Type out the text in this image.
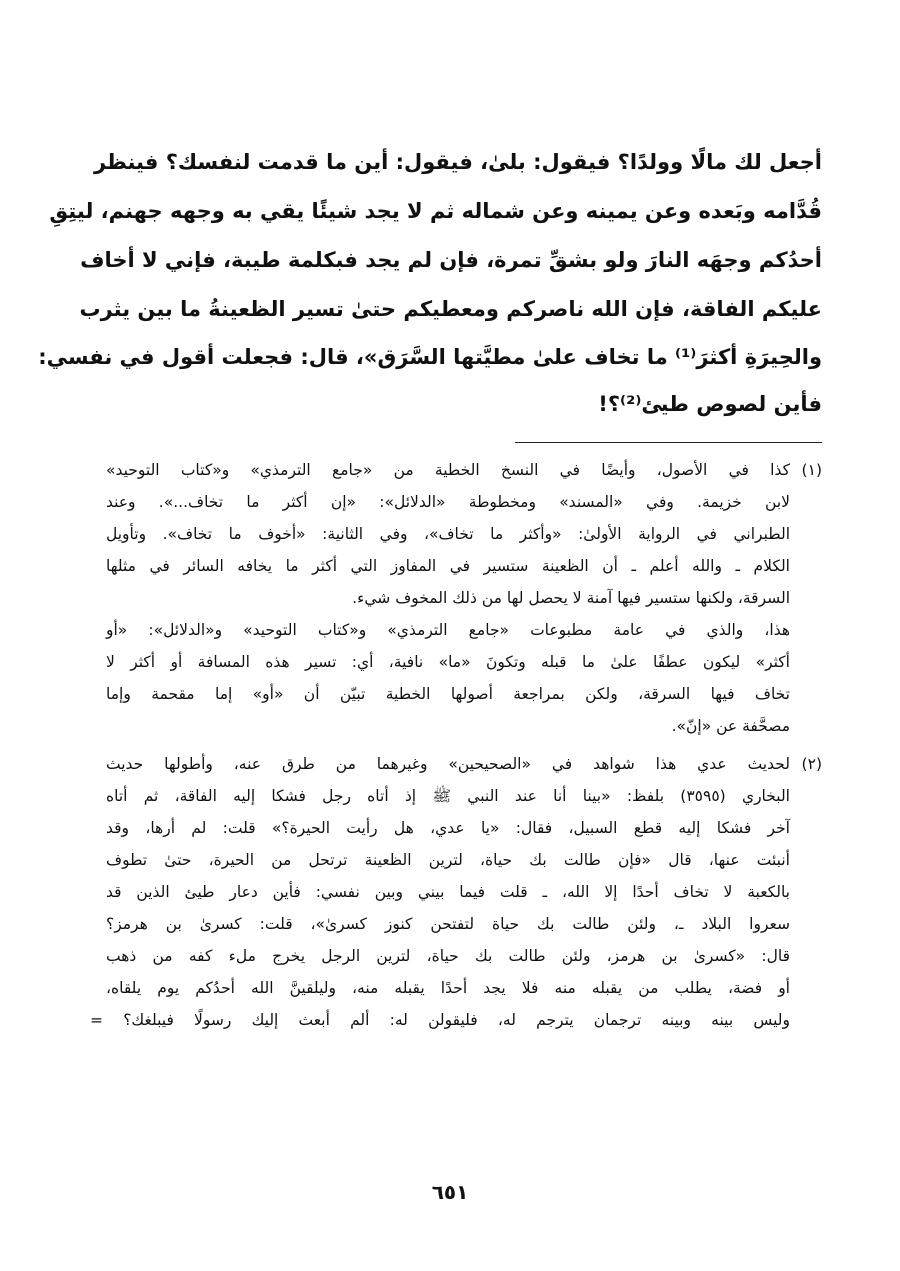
أجعل لك مالًا وولدًا؟ فيقول: بلىٰ، فيقول: أين ما قدمت لنفسك؟ فينظر
قُدَّامه وبَعده وعن يمينه وعن شماله ثم لا يجد شيئًا يقي به وجهه جهنم، ليتِقِ
أحدُكم وجهَه النارَ ولو بشقِّ تمرة، فإن لم يجد فبكلمة طيبة، فإني لا أخاف
عليكم الفاقة، فإن الله ناصركم ومعطيكم حتىٰ تسير الظعينةُ ما بين يثرب
والحِيرَةِ أكثرَ⁽¹⁾ ما تخاف علىٰ مطيَّتها السَّرَق»، قال: فجعلت أقول في نفسي:
فأين لصوص طيئ⁽²⁾؟!
(١)
كذا في الأصول، وأيضًا في النسخ الخطية من «جامع الترمذي» و«كتاب التوحيد»
لابن خزيمة. وفي «المسند» ومخطوطة «الدلائل»: «إن أكثر ما تخاف...». وعند
الطبراني في الرواية الأولىٰ: «وأكثر ما تخاف»، وفي الثانية: «أخوف ما تخاف». وتأويل
الكلام ـ والله أعلم ـ أن الظعينة ستسير في المفاوز التي أكثر ما يخافه السائر في مثلها
السرقة، ولكنها ستسير فيها آمنة لا يحصل لها من ذلك المخوف شيء.
هذا، والذي في عامة مطبوعات «جامع الترمذي» و«كتاب التوحيد» و«الدلائل»: «أو
أكثر» ليكون عطفًا علىٰ ما قبله وتكونَ «ما» نافية، أي: تسير هذه المسافة أو أكثر لا
تخاف فيها السرقة، ولكن بمراجعة أصولها الخطية تبيّن أن «أو» إما مقحمة وإما
مصحَّفة عن «إنّ».
(٢)
لحديث عدي هذا شواهد في «الصحيحين» وغيرهما من طرق عنه، وأطولها حديث
البخاري (٣٥٩٥) بلفظ: «بينا أنا عند النبي ﷺ إذ أتاه رجل فشكا إليه الفاقة، ثم أتاه
آخر فشكا إليه قطع السبيل، فقال: «يا عدي، هل رأيت الحيرة؟» قلت: لم أرها، وقد
أنبئت عنها، قال «فإن طالت بك حياة، لترين الظعينة ترتحل من الحيرة، حتىٰ تطوف
بالكعبة لا تخاف أحدًا إلا الله، ـ قلت فيما بيني وبين نفسي: فأين دعار طيئ الذين قد
سعروا البلاد ـ، ولئن طالت بك حياة لتفتحن كنوز كسرىٰ»، قلت: كسرىٰ بن هرمز؟
قال: «كسرىٰ بن هرمز، ولئن طالت بك حياة، لترين الرجل يخرج ملء كفه من ذهب
أو فضة، يطلب من يقبله منه فلا يجد أحدًا يقبله منه، وليلقينَّ الله أحدُكم يوم يلقاه،
وليس بينه وبينه ترجمان يترجم له، فليقولن له: ألم أبعث إليك رسولًا فيبلغك؟ =
٦٥١
